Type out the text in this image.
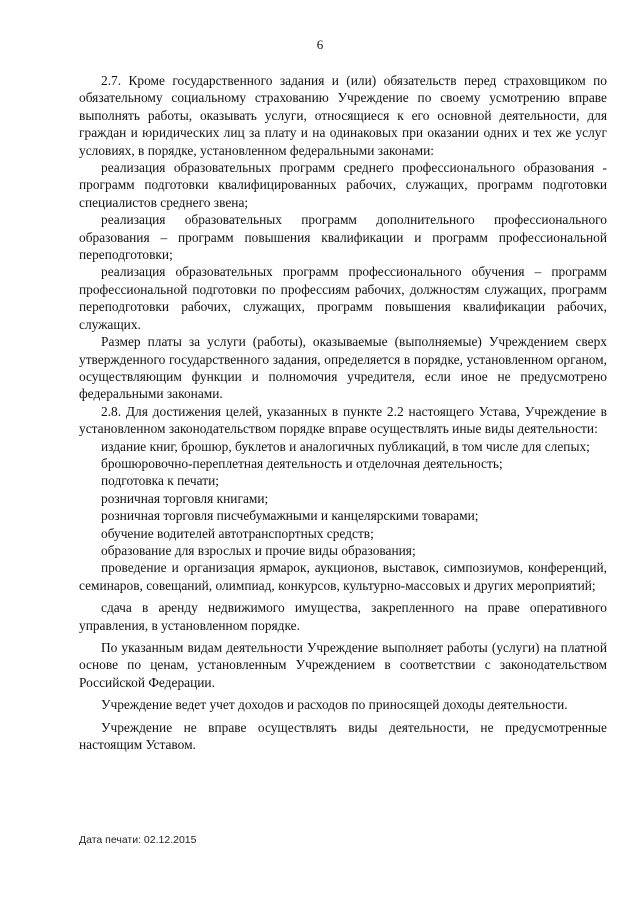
6

2.7. Кроме государственного задания и (или) обязательств перед страховщиком по обязательному социальному страхованию Учреждение по своему усмотрению вправе выполнять работы, оказывать услуги, относящиеся к его основной деятельности, для граждан и юридических лиц за плату и на одинаковых при оказании одних и тех же услуг условиях, в порядке, установленном федеральными законами:

реализация образовательных программ среднего профессионального образования - программ подготовки квалифицированных рабочих, служащих, программ подготовки специалистов среднего звена;

реализация образовательных программ дополнительного профессионального образования – программ повышения квалификации и программ профессиональной переподготовки;

реализация образовательных программ профессионального обучения – программ профессиональной подготовки по профессиям рабочих, должностям служащих, программ переподготовки рабочих, служащих, программ повышения квалификации рабочих, служащих.

Размер платы за услуги (работы), оказываемые (выполняемые) Учреждением сверх утвержденного государственного задания, определяется в порядке, установленном органом, осуществляющим функции и полномочия учредителя, если иное не предусмотрено федеральными законами.

2.8. Для достижения целей, указанных в пункте 2.2 настоящего Устава, Учреждение в установленном законодательством порядке вправе осуществлять иные виды деятельности:

издание книг, брошюр, буклетов и аналогичных публикаций, в том числе для слепых;

брошюровочно-переплетная деятельность и отделочная деятельность;

подготовка к печати;

розничная торговля книгами;

розничная торговля писчебумажными и канцелярскими товарами;

обучение водителей автотранспортных средств;

образование для взрослых и прочие виды образования;

проведение и организация ярмарок, аукционов, выставок, симпозиумов, конференций, семинаров, совещаний, олимпиад, конкурсов, культурно-массовых и других мероприятий;

сдача в аренду недвижимого имущества, закрепленного на праве оперативного управления, в установленном порядке.

По указанным видам деятельности Учреждение выполняет работы (услуги) на платной основе по ценам, установленным Учреждением в соответствии с законодательством Российской Федерации.

Учреждение ведет учет доходов и расходов по приносящей доходы деятельности.

Учреждение не вправе осуществлять виды деятельности, не предусмотренные настоящим Уставом.

Дата печати: 02.12.2015
